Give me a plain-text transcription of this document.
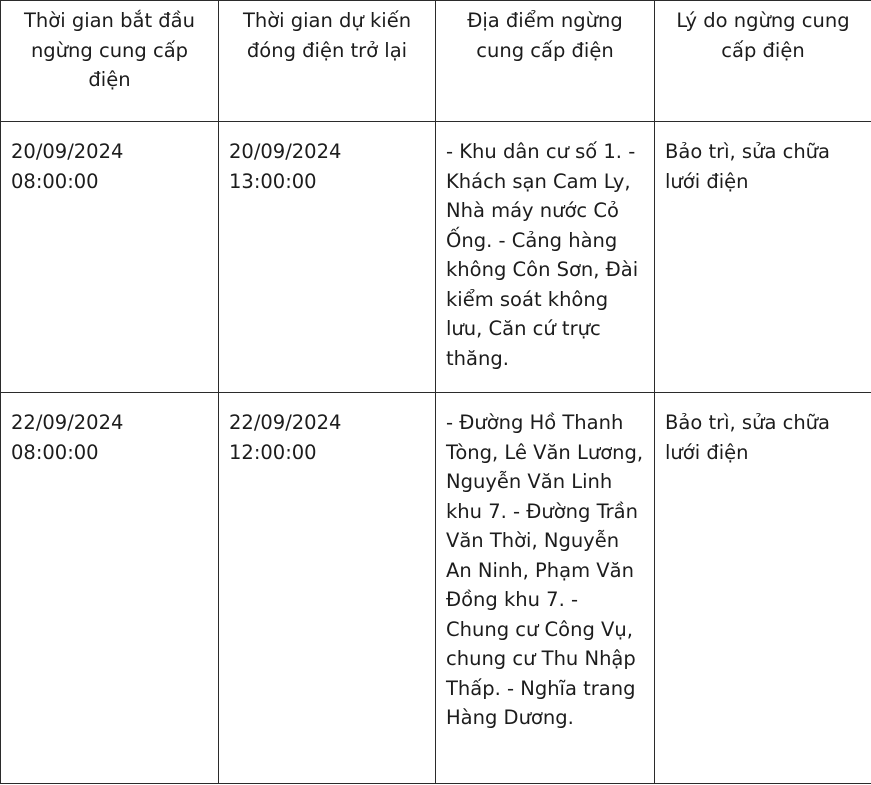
Thời gian bắt đầu ngừng cung cấp điện	Thời gian dự kiến đóng điện trở lại	Địa điểm ngừng cung cấp điện	Lý do ngừng cung cấp điện
20/09/2024 08:00:00	20/09/2024 13:00:00	- Khu dân cư số 1. - Khách sạn Cam Ly, Nhà máy nước Cỏ Ống. - Cảng hàng không Côn Sơn, Đài kiểm soát không lưu, Căn cứ trực thăng.	Bảo trì, sửa chữa lưới điện
22/09/2024 08:00:00	22/09/2024 12:00:00	- Đường Hồ Thanh Tòng, Lê Văn Lương, Nguyễn Văn Linh khu 7. - Đường Trần Văn Thời, Nguyễn An Ninh, Phạm Văn Đồng khu 7. - Chung cư Công Vụ, chung cư Thu Nhập Thấp. - Nghĩa trang Hàng Dương.	Bảo trì, sửa chữa lưới điện
